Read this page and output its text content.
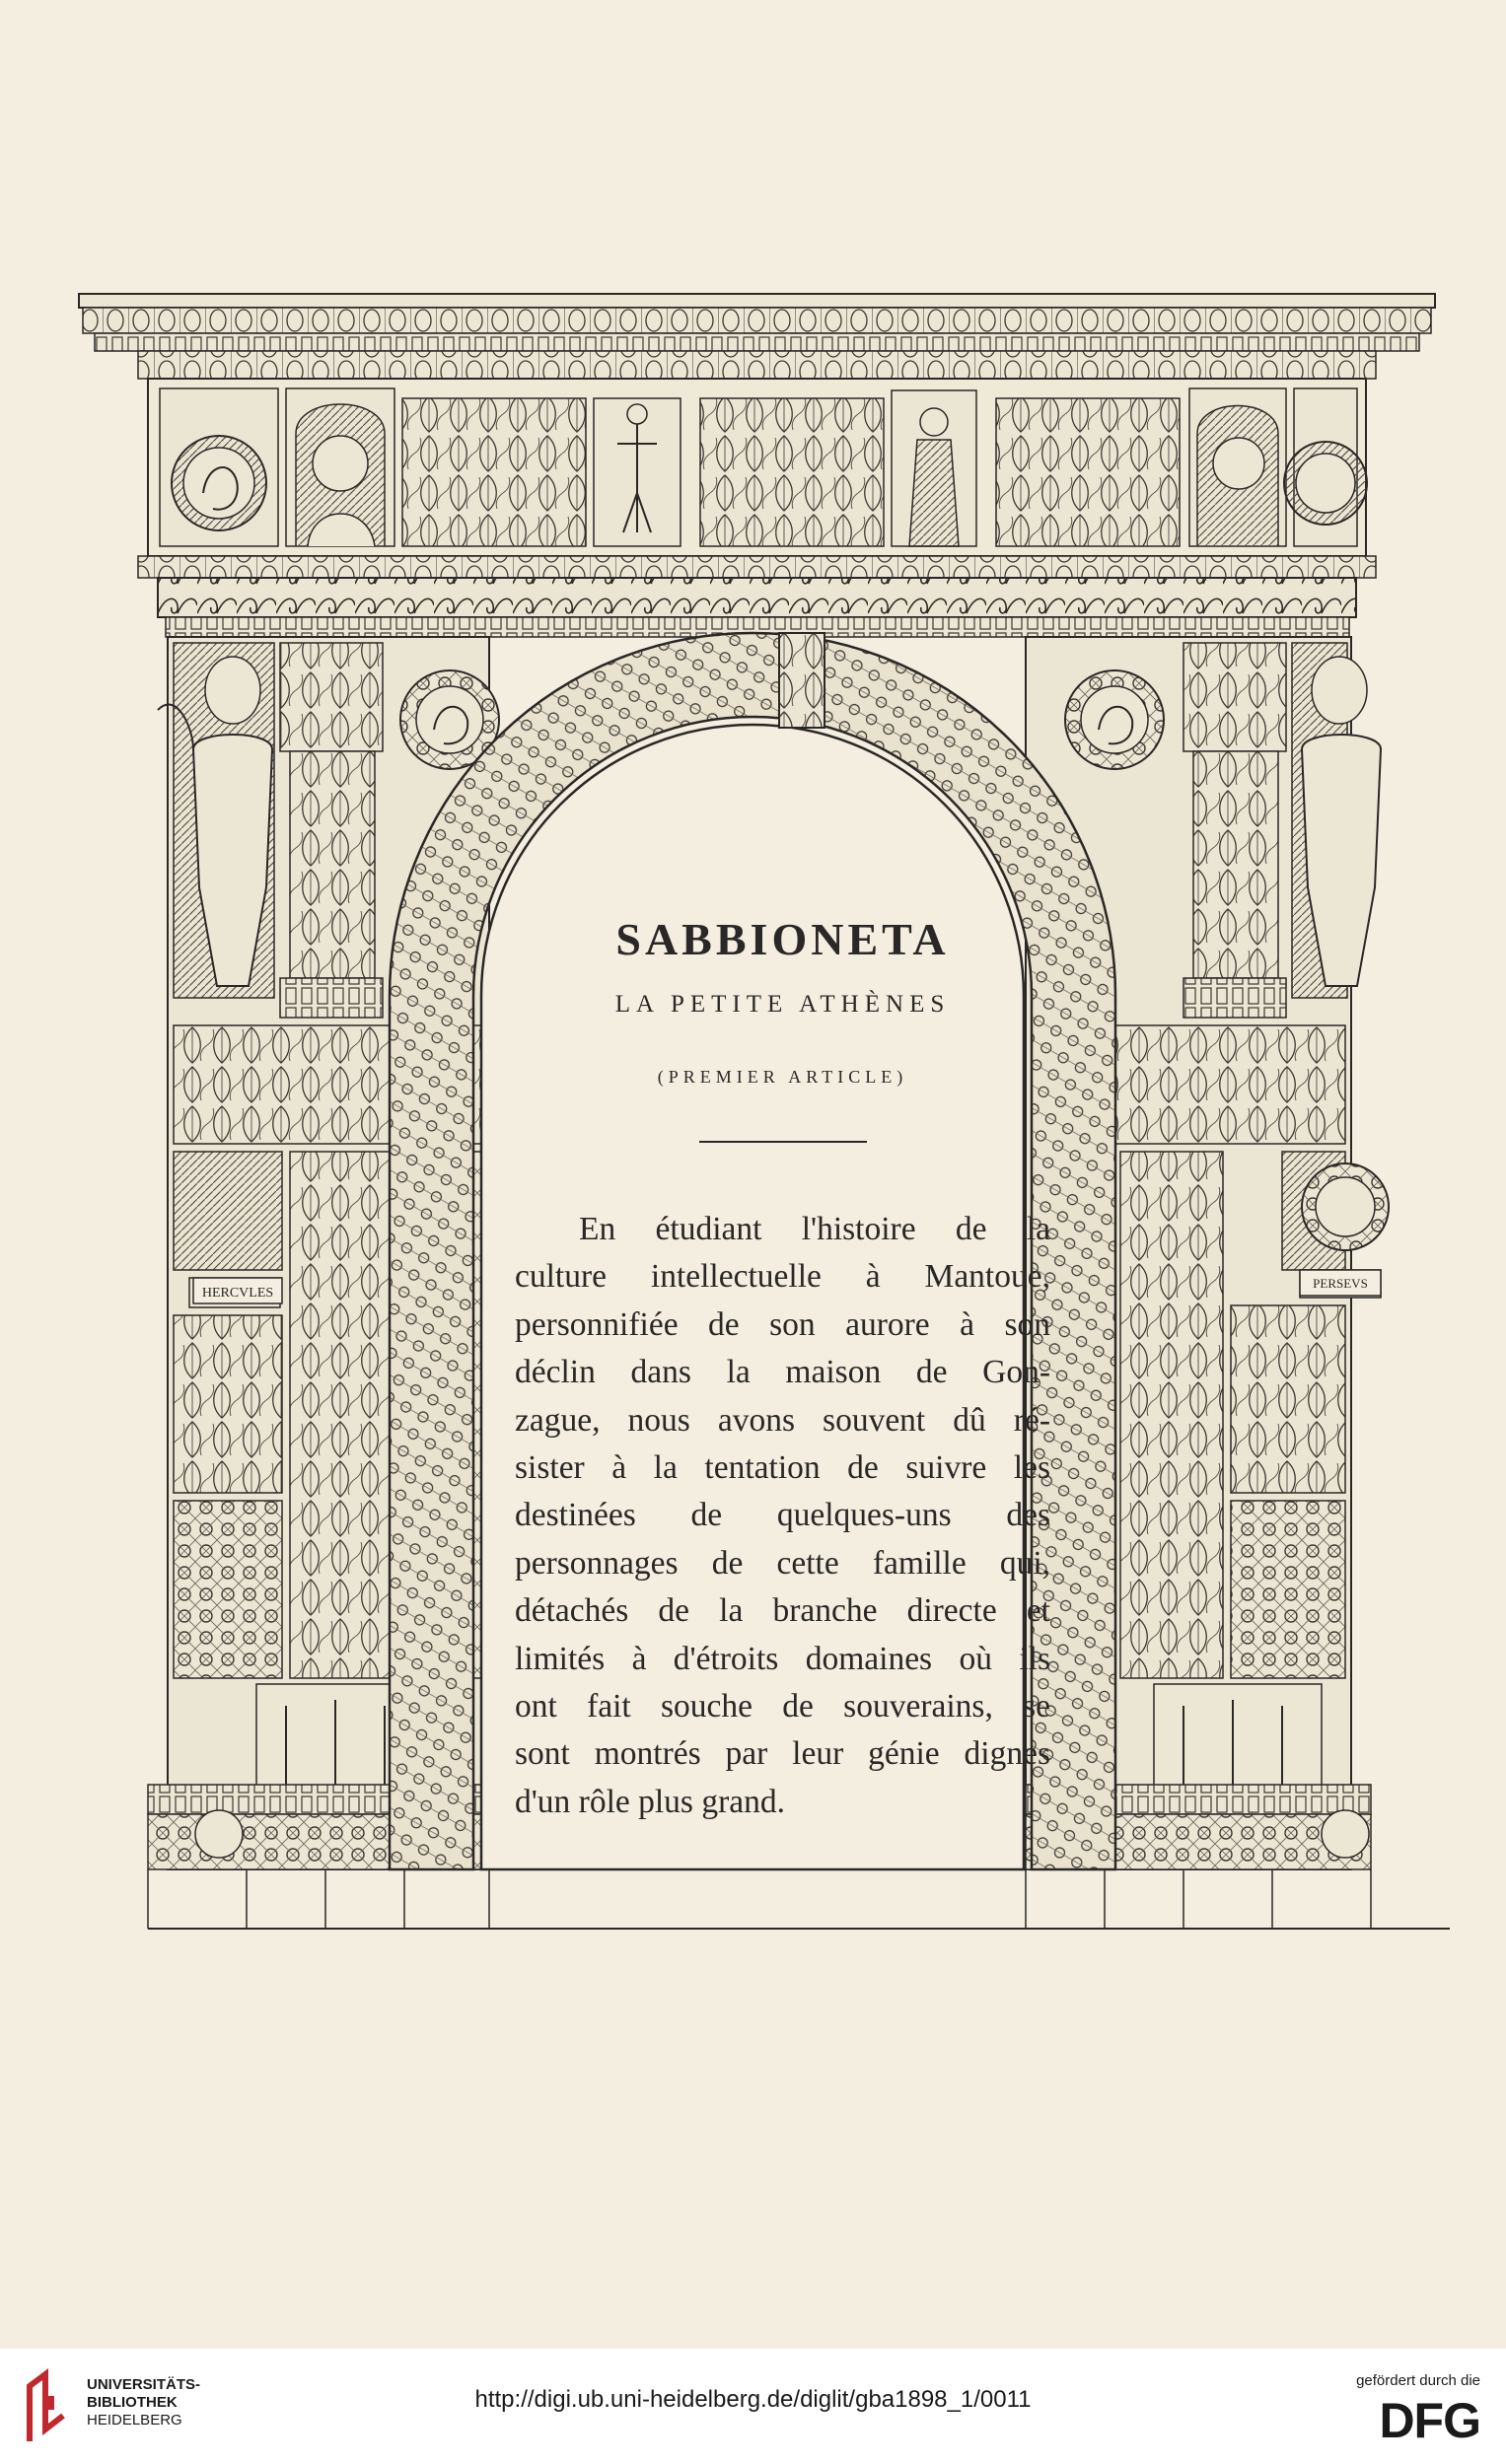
HERCVLES
PERSEVS
SABBIONETA
LA PETITE ATHÈNES
(PREMIER ARTICLE)
En étudiant l'histoire de la
culture intellectuelle à Mantoue,
personnifiée de son aurore à son
déclin dans la maison de Gon-
zague, nous avons souvent dû ré-
sister à la tentation de suivre les
destinées de quelques-uns des
personnages de cette famille qui,
détachés de la branche directe et
limités à d'étroits domaines où ils
ont fait souche de souverains, se
sont montrés par leur génie dignes
d'un rôle plus grand.
UNIVERSITÄTS-
BIBLIOTHEK
HEIDELBERG
http://digi.ub.uni-heidelberg.de/diglit/gba1898_1/0011
gefördert durch die
DFG
